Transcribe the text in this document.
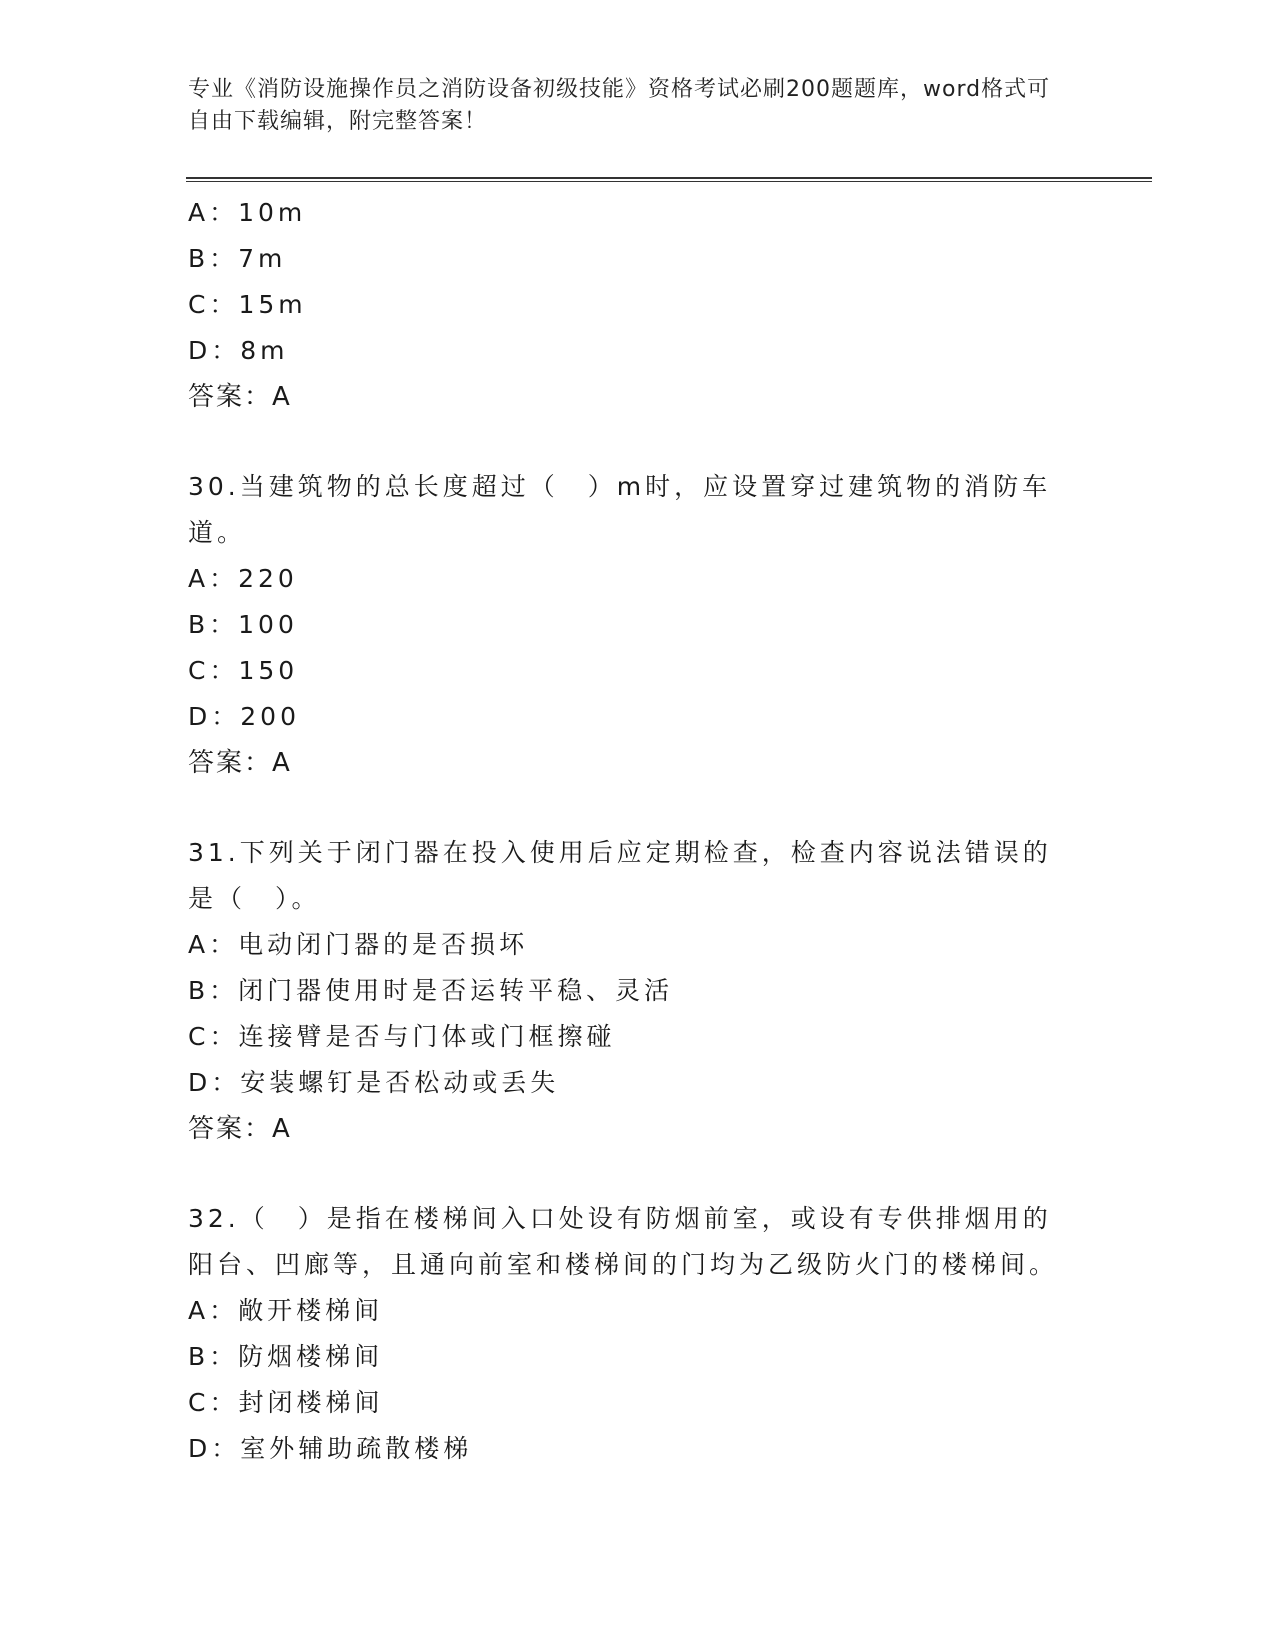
专业《消防设施操作员之消防设备初级技能》资格考试必刷200题题库，word格式可自由下载编辑，附完整答案！
A：10m
B：7m
C：15m
D：8m
答案：A
30.当建筑物的总长度超过（　）m时，应设置穿过建筑物的消防车道。
A：220
B：100
C：150
D：200
答案：A
31.下列关于闭门器在投入使用后应定期检查，检查内容说法错误的是（　）。
A：电动闭门器的是否损坏
B：闭门器使用时是否运转平稳、灵活
C：连接臂是否与门体或门框擦碰
D：安装螺钉是否松动或丢失
答案：A
32.（　）是指在楼梯间入口处设有防烟前室，或设有专供排烟用的阳台、凹廊等，且通向前室和楼梯间的门均为乙级防火门的楼梯间。
A：敞开楼梯间
B：防烟楼梯间
C：封闭楼梯间
D：室外辅助疏散楼梯
